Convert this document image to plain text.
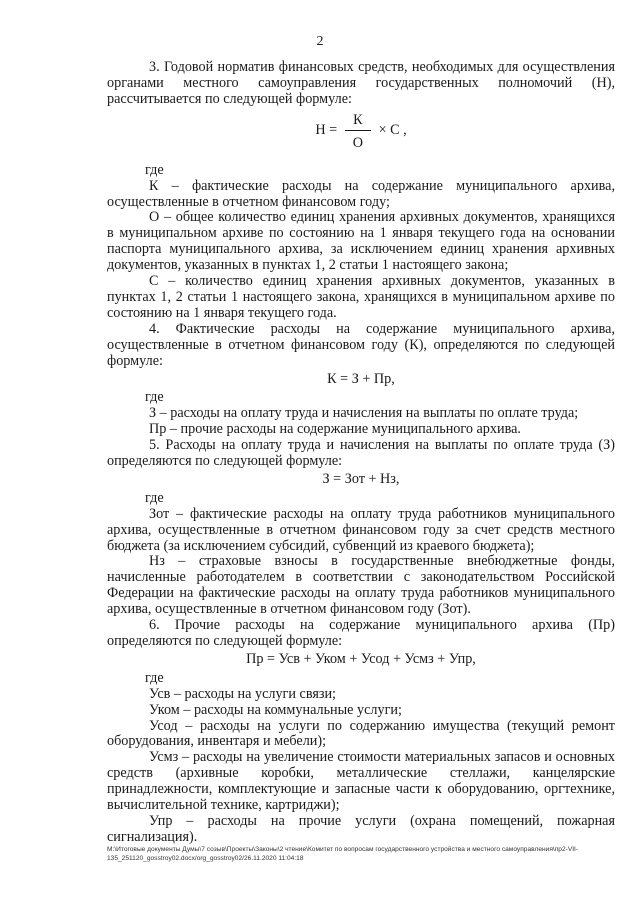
2

3. Годовой норматив финансовых средств, необходимых для осуществления органами местного самоуправления государственных полномочий (Н), рассчитывается по следующей формуле:

$Н = \frac{К}{О} \times С$ ,

где

К – фактические расходы на содержание муниципального архива, осуществленные в отчетном финансовом году;

О – общее количество единиц хранения архивных документов, хранящихся в муниципальном архиве по состоянию на 1 января текущего года на основании паспорта муниципального архива, за исключением единиц хранения архивных документов, указанных в пунктах 1, 2 статьи 1 настоящего закона;

С – количество единиц хранения архивных документов, указанных в пунктах 1, 2 статьи 1 настоящего закона, хранящихся в муниципальном архиве по состоянию на 1 января текущего года.

4. Фактические расходы на содержание муниципального архива, осуществленные в отчетном финансовом году (К), определяются по следующей формуле:

К = З + Пр,

где

З – расходы на оплату труда и начисления на выплаты по оплате труда;

Пр – прочие расходы на содержание муниципального архива.

5. Расходы на оплату труда и начисления на выплаты по оплате труда (З) определяются по следующей формуле:

З = Зот + Нз,

где

Зот – фактические расходы на оплату труда работников муниципального архива, осуществленные в отчетном финансовом году за счет средств местного бюджета (за исключением субсидий, субвенций из краевого бюджета);

Нз – страховые взносы в государственные внебюджетные фонды, начисленные работодателем в соответствии с законодательством Российской Федерации на фактические расходы на оплату труда работников муниципального архива, осуществленные в отчетном финансовом году (Зот).

6. Прочие расходы на содержание муниципального архива (Пр) определяются по следующей формуле:

Пр = Усв + Уком + Усод + Усмз + Упр,

где

Усв – расходы на услуги связи;

Уком – расходы на коммунальные услуги;

Усод – расходы на услуги по содержанию имущества (текущий ремонт оборудования, инвентаря и мебели);

Усмз – расходы на увеличение стоимости материальных запасов и основных средств (архивные коробки, металлические стеллажи, канцелярские принадлежности, комплектующие и запасные части к оборудованию, оргтехнике, вычислительной технике, картриджи);

Упр – расходы на прочие услуги (охрана помещений, пожарная сигнализация).

М:\Итоговые документы Думы\7 созыв\Проекты\Законы\2 чтение\Комитет по вопросам государственного устройства и местного самоуправления\пр2-VII-135_251120_gosstroy02.docx/org_gosstroy02/26.11.2020 11:04:18
